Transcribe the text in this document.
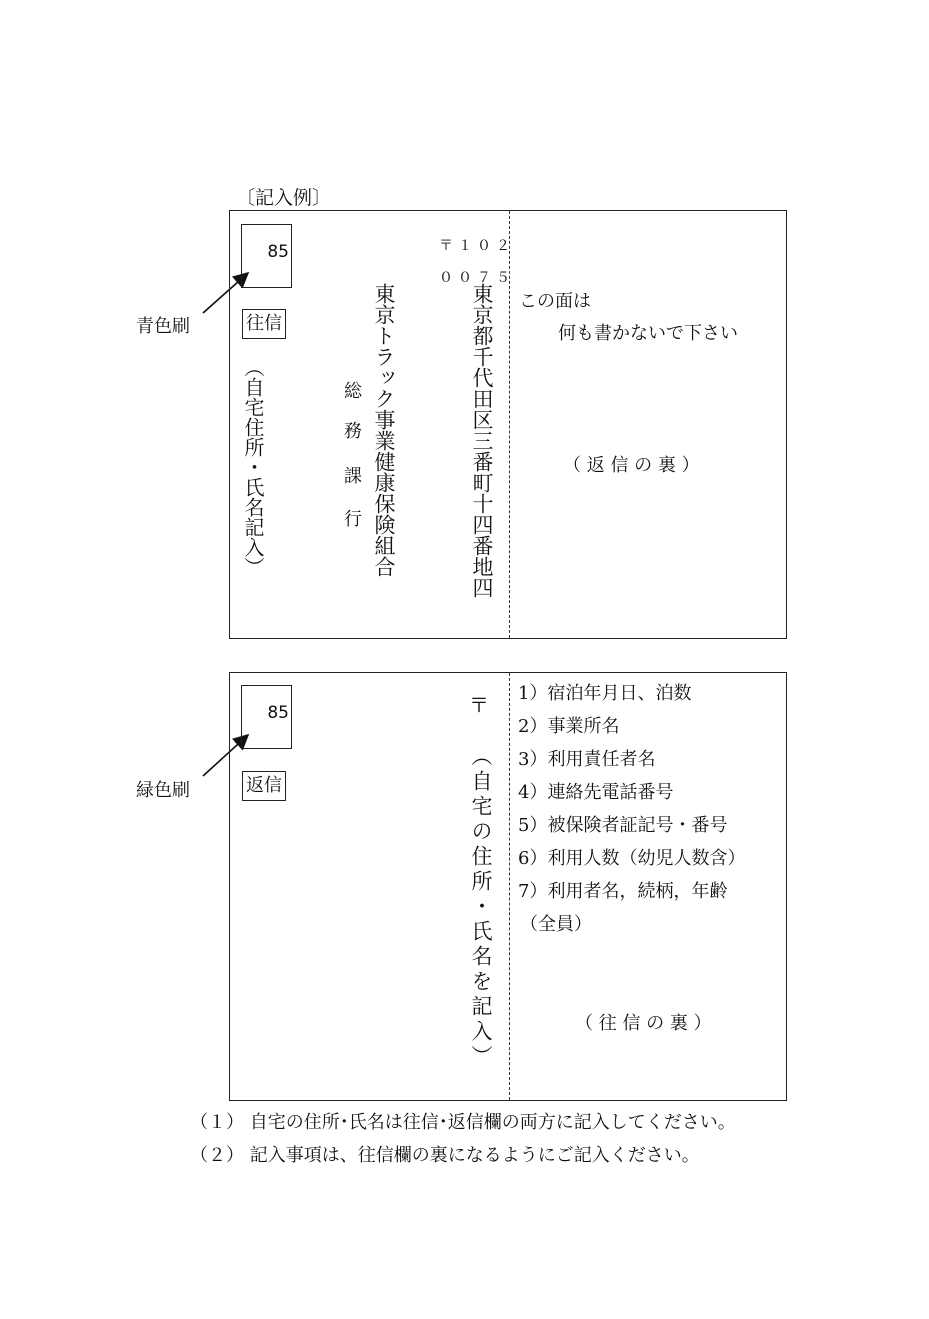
〔記入例〕
青色刷
緑色刷
85
往信
（自宅住所・氏名記入）	総
務
課
行 東京トラック事業健康保険組合
〒１０２
００７５
東京都千代田区三番町十四番地四 この面は
何も書かないで下さい
（ 返 信 の 裏 ）
85
返信
〒
（自宅の住所・氏名を記入）
1）宿泊年月日、泊数
2）事業所名
3）利用責任者名
4）連絡先電話番号
5）被保険者証記号・番号
6）利用人数（幼児人数含）
7）利用者名，続柄，年齢
（全員）
（ 往 信 の 裏 ）
（１） 自宅の住所･氏名は往信･返信欄の両方に記入してください。
（２） 記入事項は、往信欄の裏になるようにご記入ください。
